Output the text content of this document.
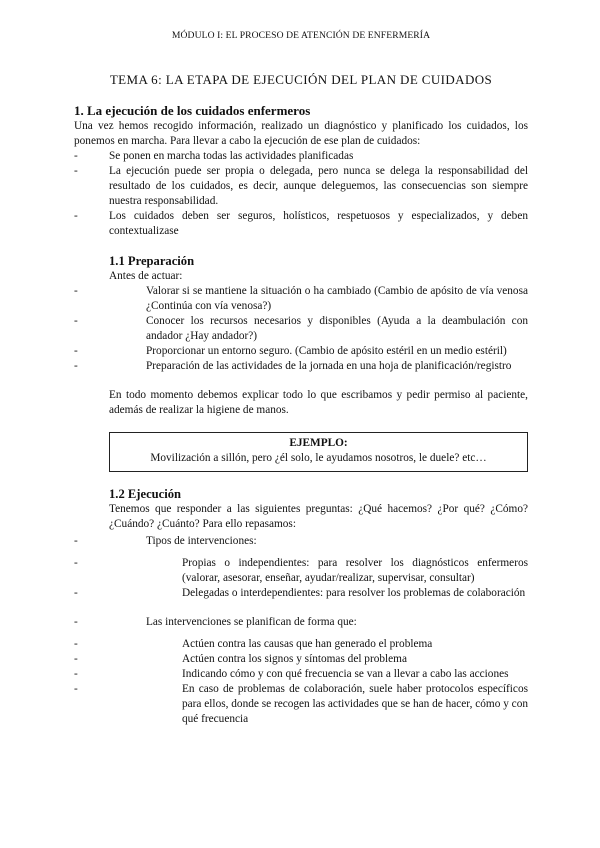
MÓDULO I: EL PROCESO DE ATENCIÓN DE ENFERMERÍA
TEMA 6: LA ETAPA DE EJECUCIÓN DEL PLAN DE CUIDADOS
1. La ejecución de los cuidados enfermeros

Una vez hemos recogido información, realizado un diagnóstico y planificado los cuidados, los ponemos en marcha. Para llevar a cabo la ejecución de ese plan de cuidados:

-	Se ponen en marcha todas las actividades planificadas
-	La ejecución puede ser propia o delegada, pero nunca se delega la responsabilidad del resultado de los cuidados, es decir, aunque deleguemos, las consecuencias son siempre nuestra responsabilidad.
-	Los cuidados deben ser seguros, holísticos, respetuosos y especializados, y deben contextualizase
1.1 Preparación

Antes de actuar:

-	Valorar si se mantiene la situación o ha cambiado (Cambio de apósito de vía venosa ¿Continúa con vía venosa?)
-	Conocer los recursos necesarios y disponibles (Ayuda a la deambulación con andador ¿Hay andador?)
-	Proporcionar un entorno seguro. (Cambio de apósito estéril en un medio estéril)
-	Preparación de las actividades de la jornada en una hoja de planificación/registro

En todo momento debemos explicar todo lo que escribamos y pedir permiso al paciente, además de realizar la higiene de manos.

EJEMPLO:
Movilización a sillón, pero ¿él solo, le ayudamos nosotros, le duele? etc…
1.2 Ejecución

Tenemos que responder a las siguientes preguntas: ¿Qué hacemos? ¿Por qué? ¿Cómo? ¿Cuándo? ¿Cuánto? Para ello repasamos:

-	Tipos de intervenciones:
-	Propias o independientes: para resolver los diagnósticos enfermeros (valorar, asesorar, enseñar, ayudar/realizar, supervisar, consultar)
-	Delegadas o interdependientes: para resolver los problemas de colaboración
-	Las intervenciones se planifican de forma que:
-	Actúen contra las causas que han generado el problema
-	Actúen contra los signos y síntomas del problema
-	Indicando cómo y con qué frecuencia se van a llevar a cabo las acciones
-	En caso de problemas de colaboración, suele haber protocolos específicos para ellos, donde se recogen las actividades que se han de hacer, cómo y con qué frecuencia
